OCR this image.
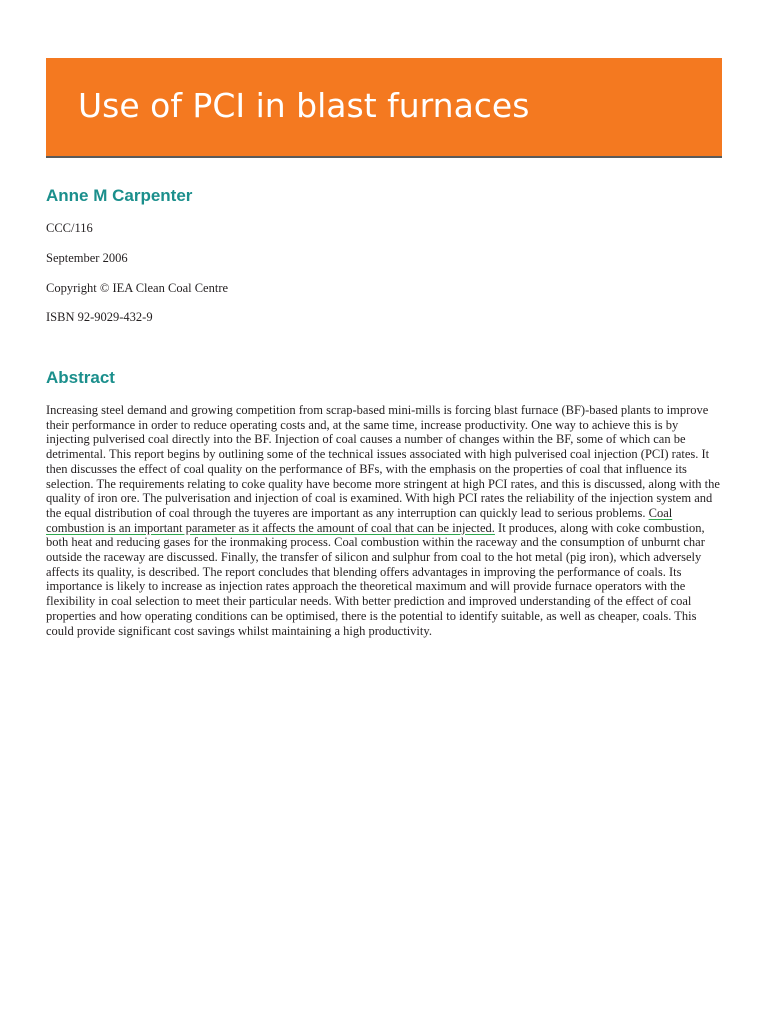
Use of PCI in blast furnaces
Anne M Carpenter

CCC/116

September 2006

Copyright © IEA Clean Coal Centre

ISBN 92-9029-432-9

Abstract

Increasing steel demand and growing competition from scrap-based mini-mills is forcing blast furnace (BF)-based plants to improve their performance in order to reduce operating costs and, at the same time, increase productivity. One way to achieve this is by injecting pulverised coal directly into the BF. Injection of coal causes a number of changes within the BF, some of which can be detrimental. This report begins by outlining some of the technical issues associated with high pulverised coal injection (PCI) rates. It then discusses the effect of coal quality on the performance of BFs, with the emphasis on the properties of coal that influence its selection. The requirements relating to coke quality have become more stringent at high PCI rates, and this is discussed, along with the quality of iron ore. The pulverisation and injection of coal is examined. With high PCI rates the reliability of the injection system and the equal distribution of coal through the tuyeres are important as any interruption can quickly lead to serious problems. Coal combustion is an important parameter as it affects the amount of coal that can be injected. It produces, along with coke combustion, both heat and reducing gases for the ironmaking process. Coal combustion within the raceway and the consumption of unburnt char outside the raceway are discussed. Finally, the transfer of silicon and sulphur from coal to the hot metal (pig iron), which adversely affects its quality, is described. The report concludes that blending offers advantages in improving the performance of coals. Its importance is likely to increase as injection rates approach the theoretical maximum and will provide furnace operators with the flexibility in coal selection to meet their particular needs. With better prediction and improved understanding of the effect of coal properties and how operating conditions can be optimised, there is the potential to identify suitable, as well as cheaper, coals. This could provide significant cost savings whilst maintaining a high productivity.
